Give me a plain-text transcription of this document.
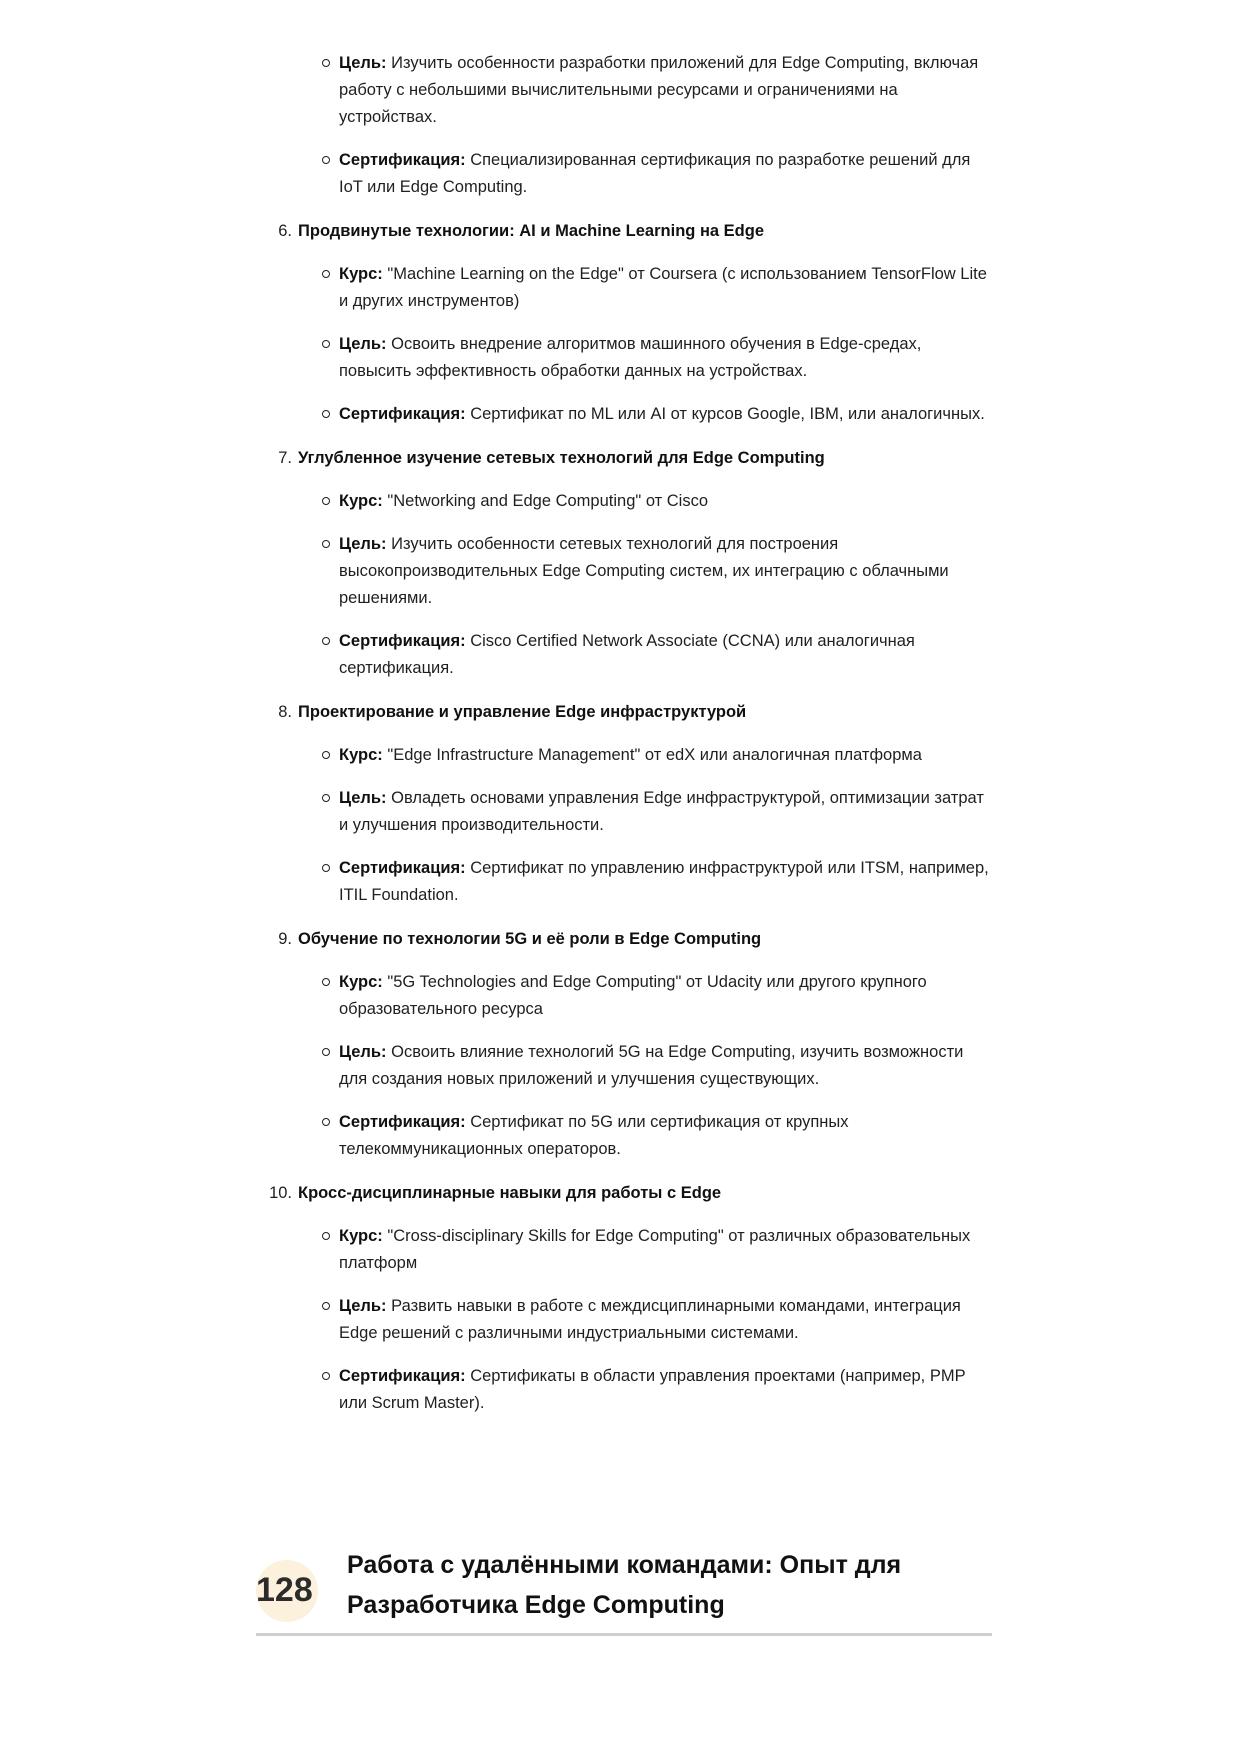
Цель: Изучить особенности разработки приложений для Edge Computing, включая работу с небольшими вычислительными ресурсами и ограничениями на устройствах.
Сертификация: Специализированная сертификация по разработке решений для IoT или Edge Computing.
6. Продвинутые технологии: AI и Machine Learning на Edge
Курс: "Machine Learning on the Edge" от Coursera (с использованием TensorFlow Lite и других инструментов)
Цель: Освоить внедрение алгоритмов машинного обучения в Edge-средах, повысить эффективность обработки данных на устройствах.
Сертификация: Сертификат по ML или AI от курсов Google, IBM, или аналогичных.
7. Углубленное изучение сетевых технологий для Edge Computing
Курс: "Networking and Edge Computing" от Cisco
Цель: Изучить особенности сетевых технологий для построения высокопроизводительных Edge Computing систем, их интеграцию с облачными решениями.
Сертификация: Cisco Certified Network Associate (CCNA) или аналогичная сертификация.
8. Проектирование и управление Edge инфраструктурой
Курс: "Edge Infrastructure Management" от edX или аналогичная платформа
Цель: Овладеть основами управления Edge инфраструктурой, оптимизации затрат и улучшения производительности.
Сертификация: Сертификат по управлению инфраструктурой или ITSM, например, ITIL Foundation.
9. Обучение по технологии 5G и её роли в Edge Computing
Курс: "5G Technologies and Edge Computing" от Udacity или другого крупного образовательного ресурса
Цель: Освоить влияние технологий 5G на Edge Computing, изучить возможности для создания новых приложений и улучшения существующих.
Сертификация: Сертификат по 5G или сертификация от крупных телекоммуникационных операторов.
10. Кросс-дисциплинарные навыки для работы с Edge
Курс: "Cross-disciplinary Skills for Edge Computing" от различных образовательных платформ
Цель: Развить навыки в работе с междисциплинарными командами, интеграция Edge решений с различными индустриальными системами.
Сертификация: Сертификаты в области управления проектами (например, PMP или Scrum Master).
128
Работа с удалёнными командами: Опыт для
Разработчика Edge Computing
